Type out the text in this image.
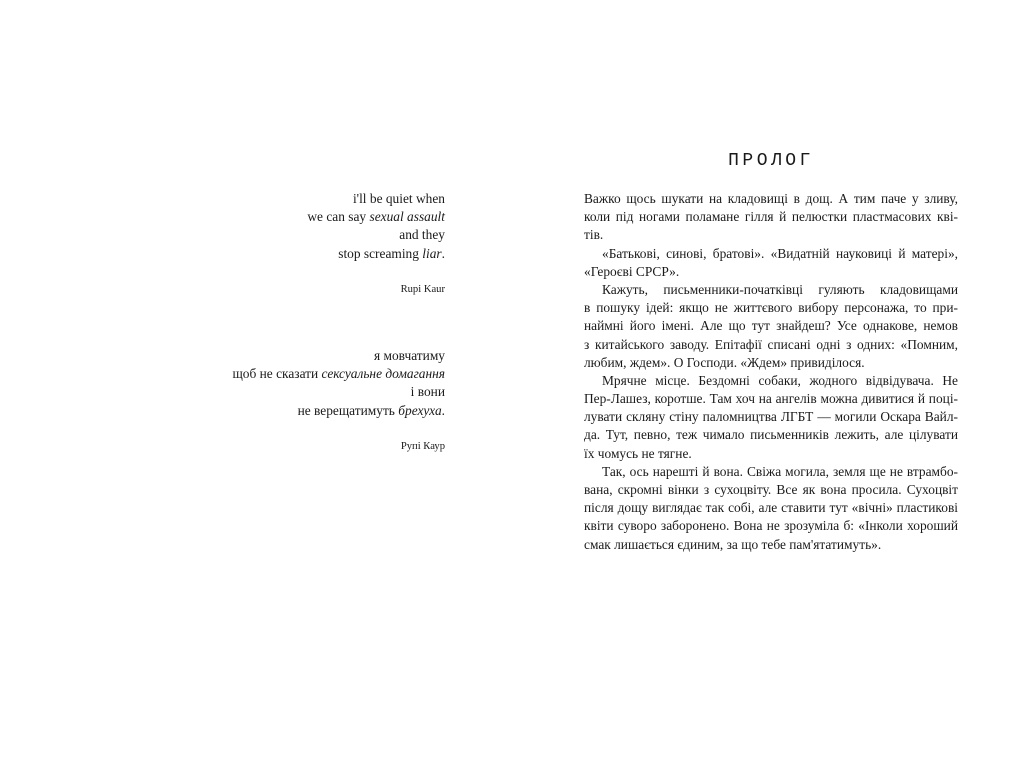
i'll be quiet when
we can say sexual assault
and they
stop screaming liar.
Rupi Kaur
я мовчатиму
щоб не сказати сексуальне домагання
і вони
не верещатимуть брехуха.
Рупі Каур
ПРОЛОГ
Важко щось шукати на кладовищі в дощ. А тим паче у зливу,
коли під ногами поламане гілля й пелюстки пластмасових кві-
тів.
«Батькові, синові, братові». «Видатній науковиці й матері»,
«Героєві СРСР».
Кажуть, письменники-початківці гуляють кладовищами
в пошуку ідей: якщо не життєвого вибору персонажа, то при-
наймні його імені. Але що тут знайдеш? Усе однакове, немов
з китайського заводу. Епітафії списані одні з одних: «Помним,
любим, ждем». О Господи. «Ждем» привиділося.
Мрячне місце. Бездомні собаки, жодного відвідувача. Не
Пер-Лашез, коротше. Там хоч на ангелів можна дивитися й поці-
лувати скляну стіну паломництва ЛГБТ — могили Оскара Вайл-
да. Тут, певно, теж чимало письменників лежить, але цілувати
їх чомусь не тягне.
Так, ось нарешті й вона. Свіжа могила, земля ще не втрамбо-
вана, скромні вінки з сухоцвіту. Все як вона просила. Сухоцвіт
після дощу виглядає так собі, але ставити тут «вічні» пластикові
квіти суворо заборонено. Вона не зрозуміла б: «Інколи хороший
смак лишається єдиним, за що тебе пам'ятатимуть».
